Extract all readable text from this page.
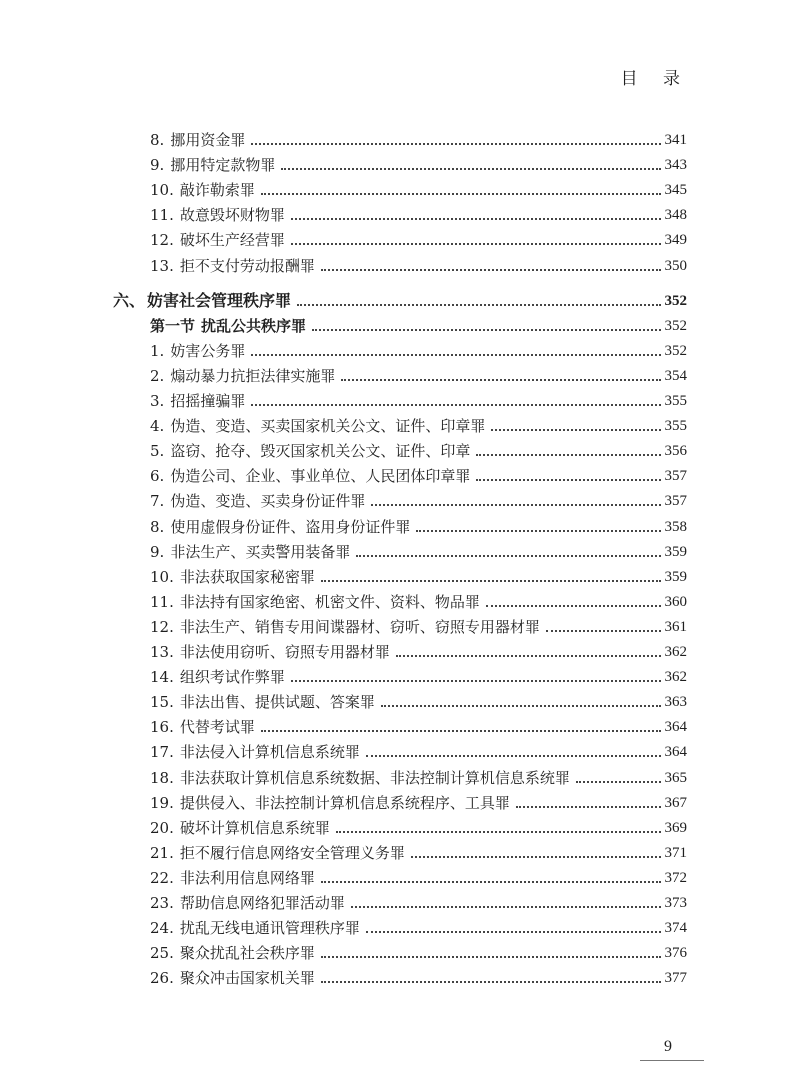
目 录
8. 挪用资金罪	341
9. 挪用特定款物罪	343
10. 敲诈勒索罪	345
11. 故意毁坏财物罪	348
12. 破坏生产经营罪	349
13. 拒不支付劳动报酬罪	350
六、 妨害社会管理秩序罪	352
第一节 扰乱公共秩序罪	352
1. 妨害公务罪	352
2. 煽动暴力抗拒法律实施罪	354
3. 招摇撞骗罪	355
4. 伪造、变造、买卖国家机关公文、证件、印章罪	355
5. 盗窃、抢夺、毁灭国家机关公文、证件、印章	356
6. 伪造公司、企业、事业单位、人民团体印章罪	357
7. 伪造、变造、买卖身份证件罪	357
8. 使用虚假身份证件、盗用身份证件罪	358
9. 非法生产、买卖警用装备罪	359
10. 非法获取国家秘密罪	359
11. 非法持有国家绝密、机密文件、资料、物品罪	360
12. 非法生产、销售专用间谍器材、窃听、窃照专用器材罪	361
13. 非法使用窃听、窃照专用器材罪	362
14. 组织考试作弊罪	362
15. 非法出售、提供试题、答案罪	363
16. 代替考试罪	364
17. 非法侵入计算机信息系统罪	364
18. 非法获取计算机信息系统数据、非法控制计算机信息系统罪	365
19. 提供侵入、非法控制计算机信息系统程序、工具罪	367
20. 破坏计算机信息系统罪	369
21. 拒不履行信息网络安全管理义务罪	371
22. 非法利用信息网络罪	372
23. 帮助信息网络犯罪活动罪	373
24. 扰乱无线电通讯管理秩序罪	374
25. 聚众扰乱社会秩序罪	376
26. 聚众冲击国家机关罪	377
9
